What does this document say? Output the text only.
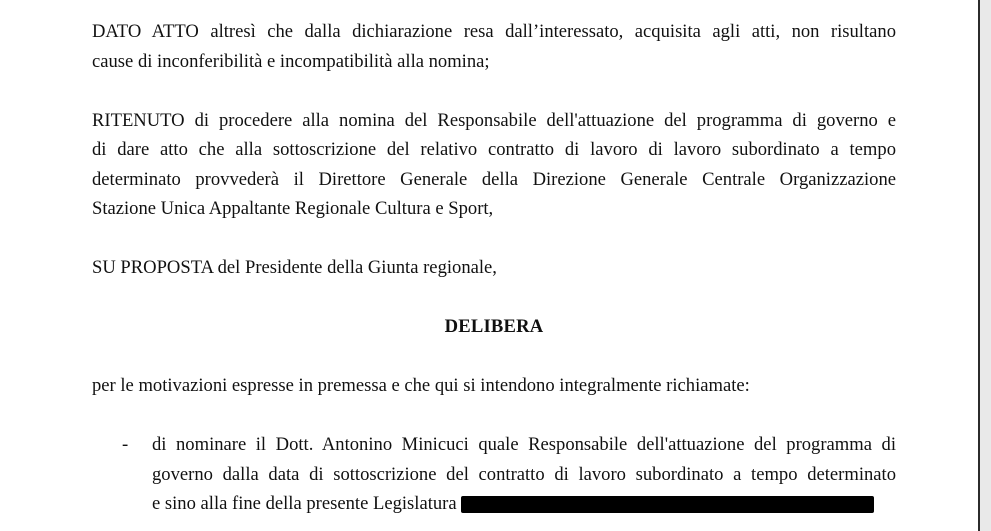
DATO ATTO altresì che dalla dichiarazione resa dall’interessato, acquisita agli atti, non risultano
cause di inconferibilità e incompatibilità alla nomina;

RITENUTO di procedere alla nomina del Responsabile dell'attuazione del programma di governo e
di dare atto che alla sottoscrizione del relativo contratto di lavoro di lavoro subordinato a tempo
determinato provvederà il Direttore Generale della Direzione Generale Centrale Organizzazione
Stazione Unica Appaltante Regionale Cultura e Sport,

SU PROPOSTA del Presidente della Giunta regionale,

DELIBERA

per le motivazioni espresse in premessa e che qui si intendono integralmente richiamate:

-	di nominare il Dott. Antonino Minicuci quale Responsabile dell'attuazione del programma di
governo dalla data di sottoscrizione del contratto di lavoro subordinato a tempo determinato
e sino alla fine della presente Legislatura
